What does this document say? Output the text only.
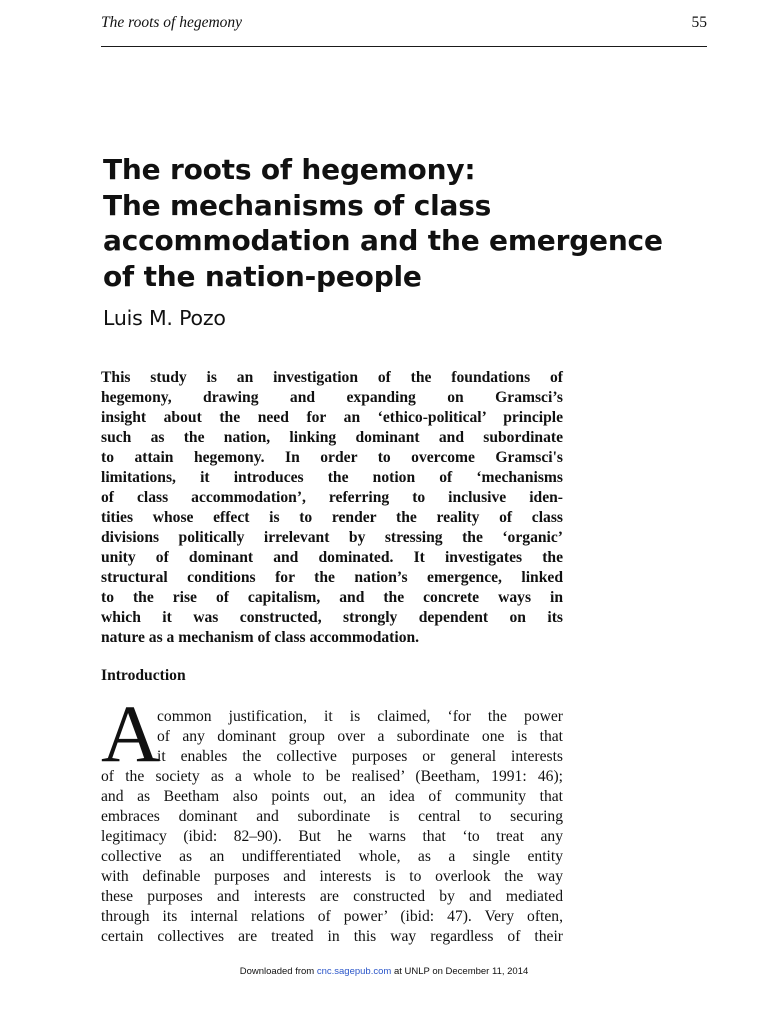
The roots of hegemony	55
The roots of hegemony:
The mechanisms of class
accommodation and the emergence
of the nation-people
Luis M. Pozo
This study is an investigation of the foundations of
hegemony, drawing and expanding on Gramsci’s
insight about the need for an ‘ethico-political’ principle
such as the nation, linking dominant and subordinate
to attain hegemony. In order to overcome Gramsci's
limitations, it introduces the notion of ‘mechanisms
of class accommodation’, referring to inclusive iden-
tities whose effect is to render the reality of class
divisions politically irrelevant by stressing the ‘organic’
unity of dominant and dominated. It investigates the
structural conditions for the nation’s emergence, linked
to the rise of capitalism, and the concrete ways in
which it was constructed, strongly dependent on its
nature as a mechanism of class accommodation.
Introduction
A
common justification, it is claimed, ‘for the power
of any dominant group over a subordinate one is that
it enables the collective purposes or general interests
of the society as a whole to be realised’ (Beetham, 1991: 46);
and as Beetham also points out, an idea of community that
embraces dominant and subordinate is central to securing
legitimacy (ibid: 82–90). But he warns that ‘to treat any
collective as an undifferentiated whole, as a single entity
with definable purposes and interests is to overlook the way
these purposes and interests are constructed by and mediated
through its internal relations of power’ (ibid: 47). Very often,
certain collectives are treated in this way regardless of their
Downloaded from cnc.sagepub.com at UNLP on December 11, 2014
